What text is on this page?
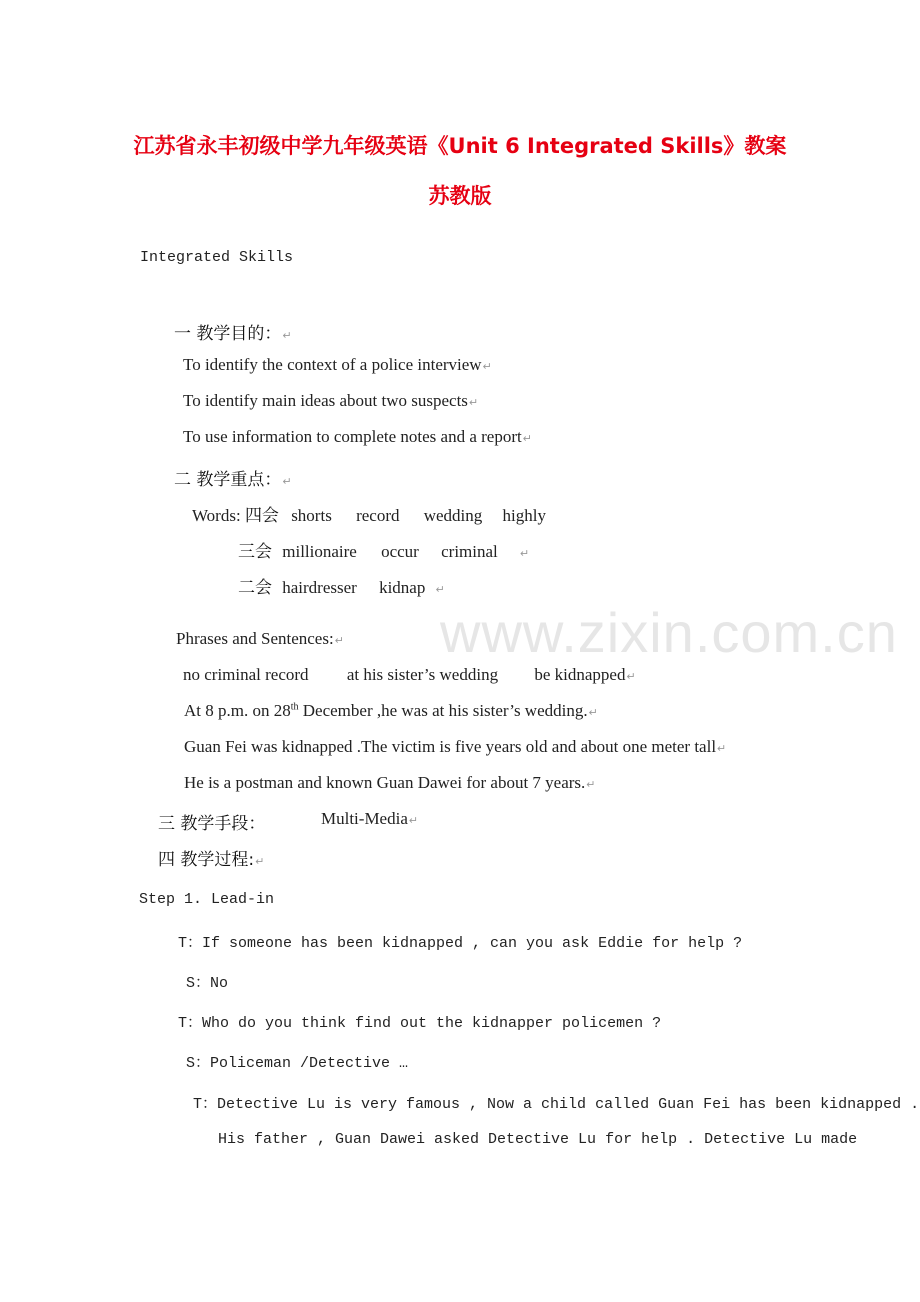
www.zixin.com.cn
江苏省永丰初级中学九年级英语《Unit 6 Integrated Skills》教案
苏教版
Integrated Skills
一 教学目的：↵
To identify the context of a police interview↵
To identify main ideas about two suspects↵
To use information to complete notes and a report↵
二 教学重点：↵
Words: 四会 shorts record wedding highly
三会 millionaire occur criminal ↵
二会 hairdresser kidnap ↵
Phrases and Sentences:↵
no criminal record at his sister’s wedding be kidnapped↵
At 8 p.m. on 28th December ,he was at his sister’s wedding.↵
Guan Fei was kidnapped .The victim is five years old and about one meter tall↵
He is a postman and known Guan Dawei for about 7 years.↵
三 教学手段：	Multi-Media↵
四 教学过程:↵
Step 1. Lead-in
T：If someone has been kidnapped , can you ask Eddie for help ?
S：No
T：Who do you think find out the kidnapper policemen ?
S：Policeman /Detective …
T：Detective Lu is very famous , Now a child called Guan Fei has been kidnapped .
His father , Guan Dawei asked Detective Lu for help . Detective Lu made
